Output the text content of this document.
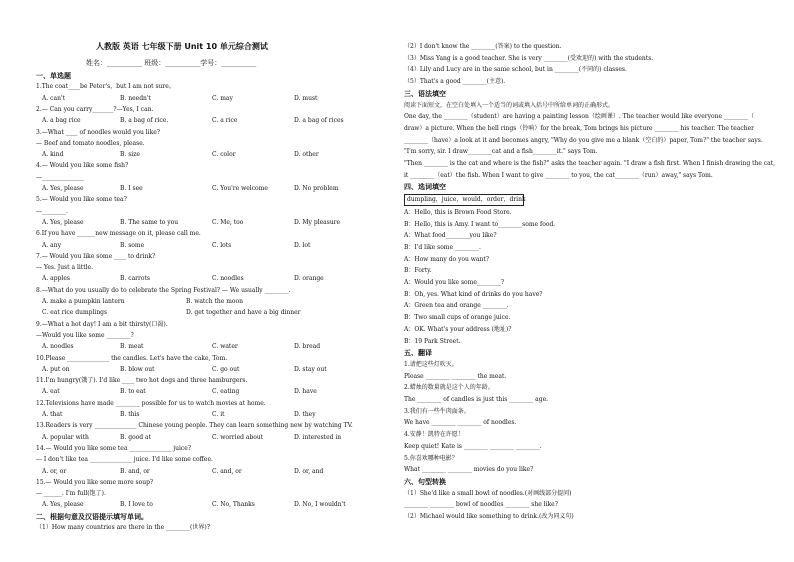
人教版 英语 七年级下册 Unit 10 单元综合测试
姓名：__________ 班级：__________学号：__________
一、单选题
1.The coat____be Peter's，but I am not sure。
A. can't	B. needn't	C. may	D. must
2.— Can you carry_______?—Yes, I can.
A. a bag rice	B. a bag of rice.	C. a rice	D. a bag of rices
3.—What ____ of noodles would you like?
— Beef and tomato noodles, please.
A. kind	B. size	C. color	D. other
4.— Would you like some fish?
—______________
A. Yes, please	B. I see	C. You're welcome	D. No problem
5.— Would you like some tea?
—________.
A. Yes, please	B. The same to you	C. Me, too	D. My pleasure
6.If you have ______new message on it, please call me.
A. any	B. some	C. lots	D. lot
7.— Would you like some ____ to drink?
— Yes. Just a little.
A. apples	B. carrots	C. noodles	D. orange
8.—What do you usually do to celebrate the Spring Festival? — We usually ________.
A. make a pumpkin lantern	B. watch the moon
C. eat rice dumplings	D. get together and have a big dinner
9.—What a hot day! I am a bit thirsty(口渴).
—Would you like some ________?
A. noodles	B. meat	C. water	D. bread
10.Please ______________ the candles. Let's have the cake, Tom.
A. put on	B. blow out	C. go out	D. stay out
11.I'm hungry(饿了). I'd like ____ two hot dogs and three hamburgers.
A. eat	B. to eat	C. eating	D. have
12.Televisions have made ________ possible for us to watch movies at home.
A. that	B. this	C. it	D. they
13.Readers is very ______________ Chinese young people. They can learn something new by watching TV.
A. popular with	B. good at	C. worried about	D. interested in
14.— Would you like some tea ______________ juice?
— I don't like tea ______________ juice. I'd like some coffee.
A. or, or	B. and, or	C. and, or	D. or, and
15.— Would you like some more soup?
— ______. I'm full(饱了).
A. Yes, please	B. I love to	C. No, Thanks	D. No, I wouldn't
二、根据句意及汉语提示填写单词。
（1）How many countries are there in the ________(世界)?
（2）I don't know the ________(答案) to the question.
（3）Miss Yang is a good teacher. She is very ________(受欢迎的) with the students.
（4）Lily and Lucy are in the same school, but in ________(不同的) classes.
（5）That's a good ________(主意).
三、语法填空
阅读下面短文，在空白处填入一个适当的词或填入括号中所给单词的正确形式。
One day, the ________（student）are having a painting lesson（绘画课）. The teacher would like everyone ________（
draw）a picture. When the bell rings（铃响）for the break, Tom brings his picture ________ his teacher. The teacher
________（have）a look at it and becomes angry, "Why do you give me a blank（空白的）paper, Tom?" the teacher says.
"I'm sorry, sir. I draw________cat and a fish________it." says Tom.
"Then ________ is the cat and where is the fish?" asks the teacher again. "I draw a fish first. When I finish drawing the cat,
it ________（eat）the fish. When I want to give ________ to you, the cat________（run）away," says Tom.
四、选词填空
dumpling，juice，would，order，drink
A：Hello, this is Brown Food Store.
B：Hello, this is Amy. I want to________some food.
A：What food________you like?
B：I'd like some ________.
A：How many do you want?
B：Forty.
A：Would you like some________?
B：Oh, yes. What kind of drinks do you have?
A：Green tea and orange ________.
B：Two small cups of orange juice.
A：OK. What's your address (地址)?
B：19 Park Street.
五、翻译
1.请把这些灯吹灭。
Please ________ ________ the meat.
2.蜡烛的数量就是这个人的年龄。
The ________ of candles is just this ________ age.
3.我们有一些牛肉面条。
We have ________ ________ of noodles.
4.安静！凯特在许愿！
Keep quiet! Kate is ________ ________ ________.
5.你喜欢哪种电影？
What ________ ________ movies do you like?
六、句型转换
（1）She'd like a small bowl of noodles.(对画线部分提问)
________ ________ bowl of noodles ________ she like?
（2）Michael would like something to drink.(改为同义句)
